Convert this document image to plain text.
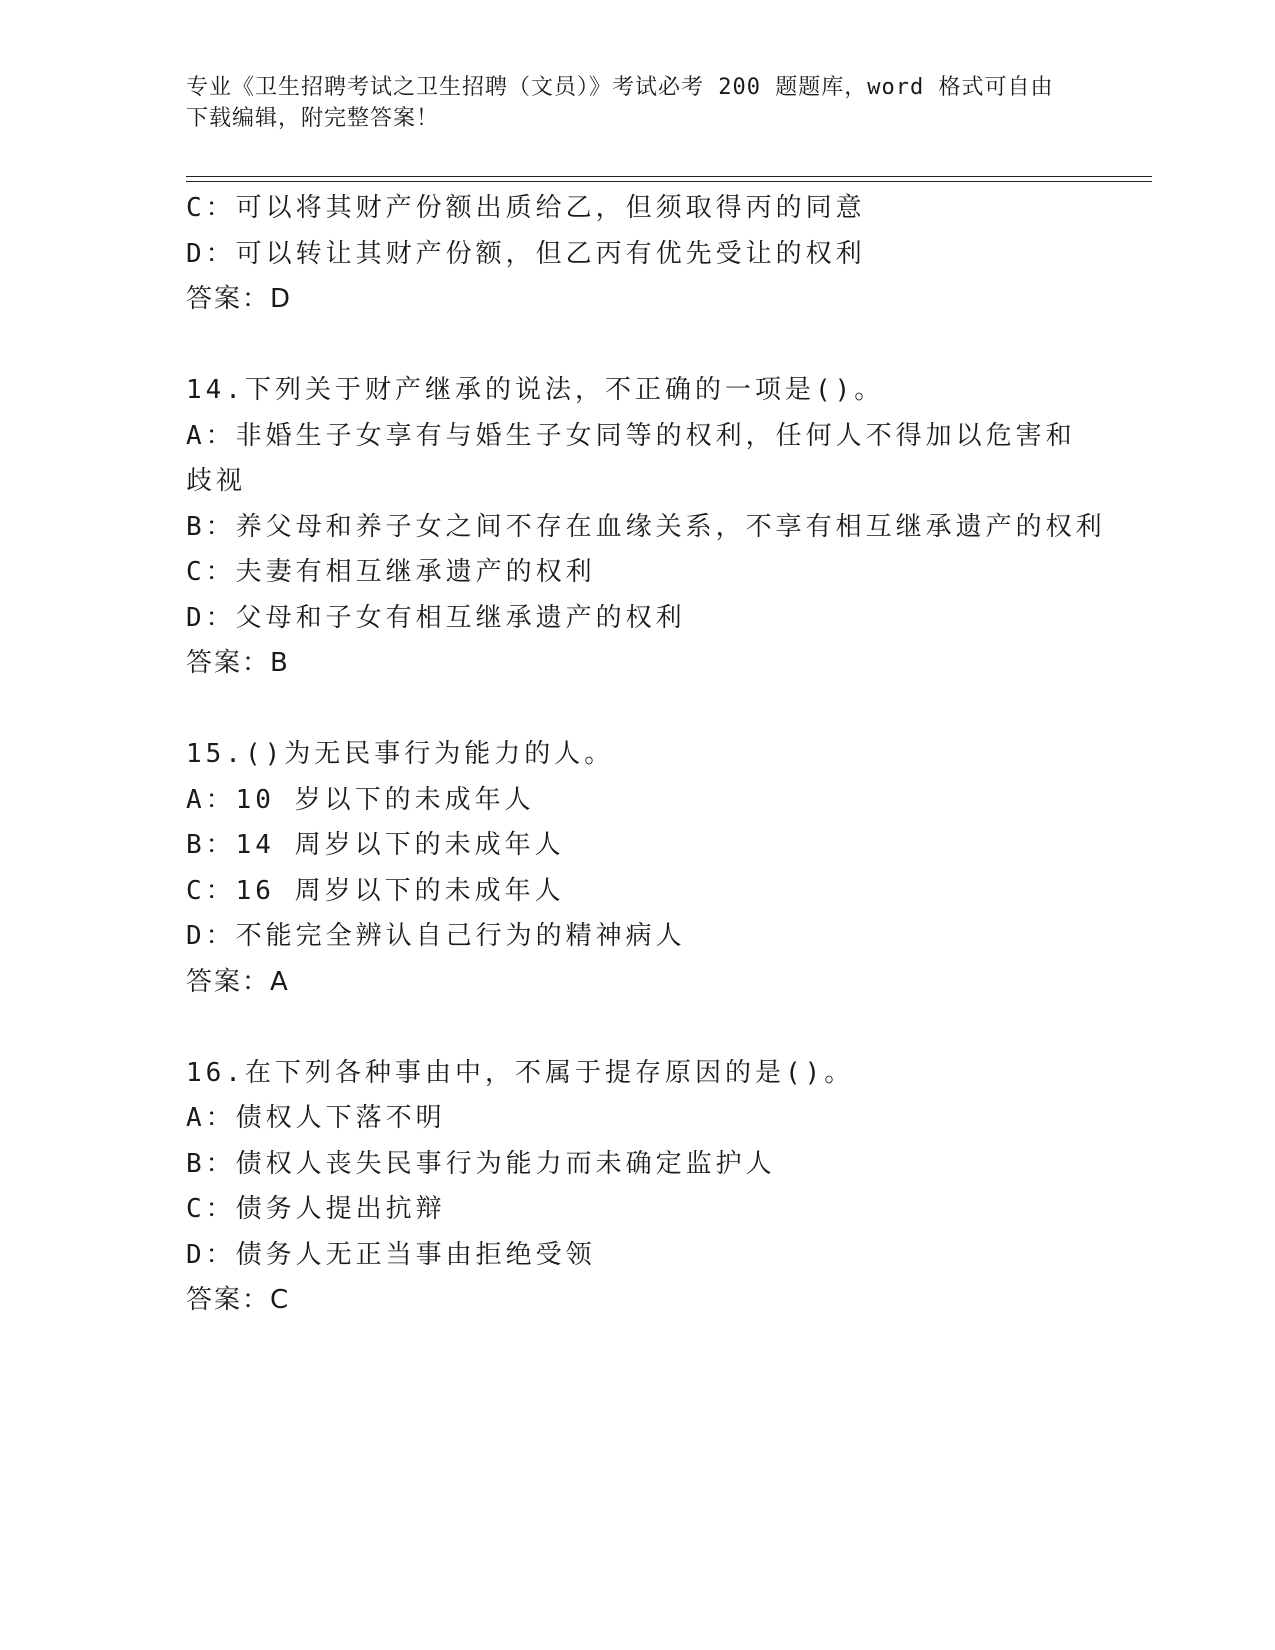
专业《卫生招聘考试之卫生招聘（文员）》考试必考 200 题题库，word 格式可自由下载编辑，附完整答案！
C：可以将其财产份额出质给乙，但须取得丙的同意
D：可以转让其财产份额，但乙丙有优先受让的权利
答案：D
14.下列关于财产继承的说法，不正确的一项是()。
A：非婚生子女享有与婚生子女同等的权利，任何人不得加以危害和歧视
B：养父母和养子女之间不存在血缘关系，不享有相互继承遗产的权利
C：夫妻有相互继承遗产的权利
D：父母和子女有相互继承遗产的权利
答案：B
15.()为无民事行为能力的人。
A：10 岁以下的未成年人
B：14 周岁以下的未成年人
C：16 周岁以下的未成年人
D：不能完全辨认自己行为的精神病人
答案：A
16.在下列各种事由中，不属于提存原因的是()。
A：债权人下落不明
B：债权人丧失民事行为能力而未确定监护人
C：债务人提出抗辩
D：债务人无正当事由拒绝受领
答案：C
